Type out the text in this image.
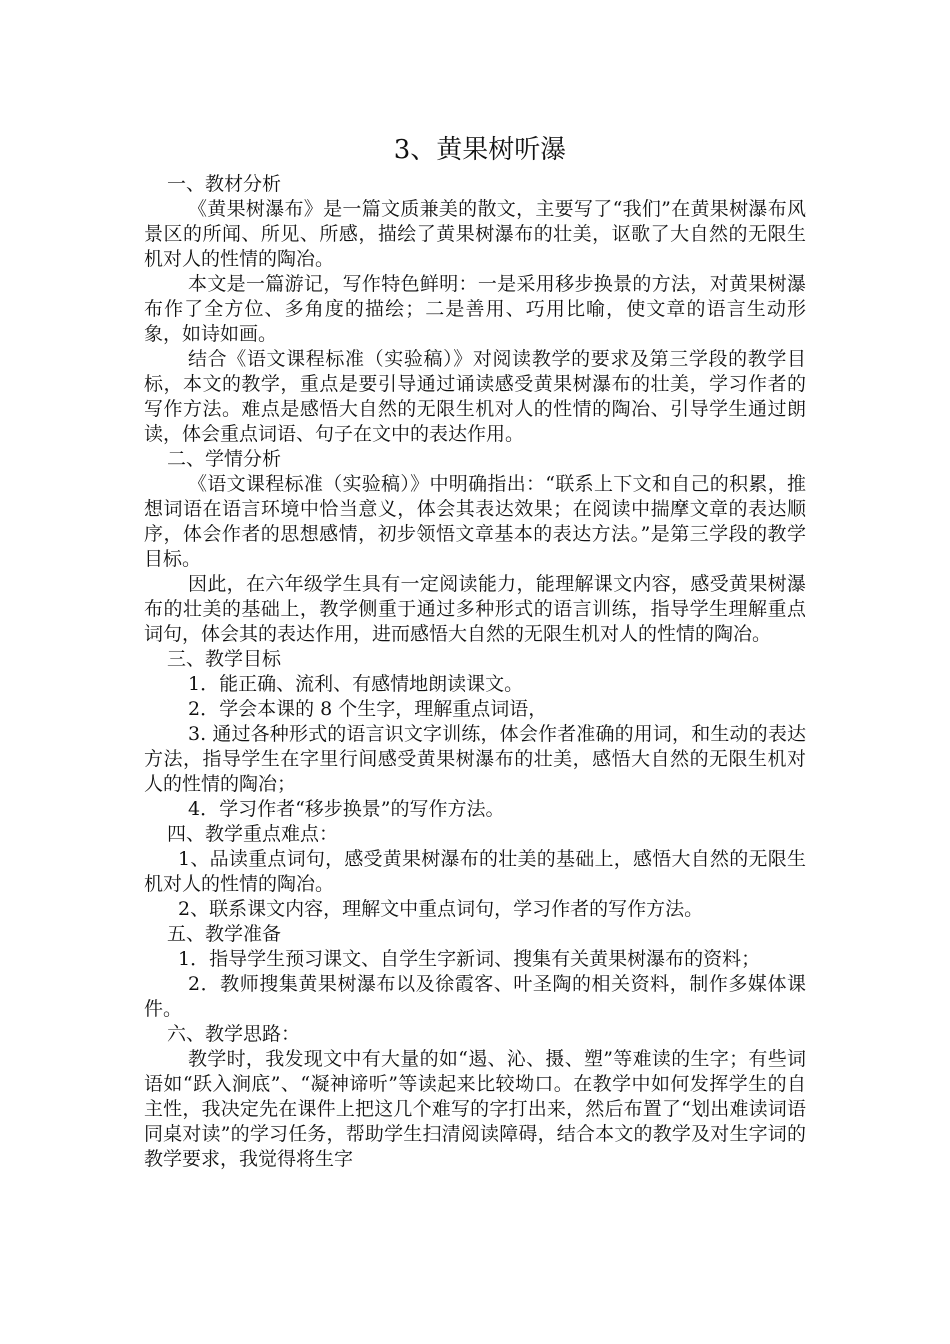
3、黄果树听瀑

一、教材分析

《黄果树瀑布》是一篇文质兼美的散文，主要写了“我们”在黄果树瀑布风景区的所闻、所见、所感，描绘了黄果树瀑布的壮美，讴歌了大自然的无限生机对人的性情的陶冶。

本文是一篇游记，写作特色鲜明：一是采用移步换景的方法，对黄果树瀑布作了全方位、多角度的描绘；二是善用、巧用比喻，使文章的语言生动形象，如诗如画。

结合《语文课程标准（实验稿）》对阅读教学的要求及第三学段的教学目标，本文的教学，重点是要引导通过诵读感受黄果树瀑布的壮美，学习作者的写作方法。难点是感悟大自然的无限生机对人的性情的陶冶、引导学生通过朗读，体会重点词语、句子在文中的表达作用。

二、学情分析

《语文课程标准（实验稿）》中明确指出：“联系上下文和自己的积累，推想词语在语言环境中恰当意义，体会其表达效果；在阅读中揣摩文章的表达顺序，体会作者的思想感情，初步领悟文章基本的表达方法。”是第三学段的教学目标。

因此，在六年级学生具有一定阅读能力，能理解课文内容，感受黄果树瀑布的壮美的基础上，教学侧重于通过多种形式的语言训练，指导学生理解重点词句，体会其的表达作用，进而感悟大自然的无限生机对人的性情的陶冶。

三、教学目标

1．能正确、流利、有感情地朗读课文。

2．学会本课的 8 个生字，理解重点词语，

3. 通过各种形式的语言识文字训练，体会作者准确的用词，和生动的表达方法，指导学生在字里行间感受黄果树瀑布的壮美，感悟大自然的无限生机对人的性情的陶冶；

4．学习作者“移步换景”的写作方法。

四、教学重点难点：

1、品读重点词句，感受黄果树瀑布的壮美的基础上，感悟大自然的无限生机对人的性情的陶冶。

2、联系课文内容，理解文中重点词句，学习作者的写作方法。

五、教学准备

1．指导学生预习课文、自学生字新词、搜集有关黄果树瀑布的资料；

2．教师搜集黄果树瀑布以及徐霞客、叶圣陶的相关资料，制作多媒体课件。

六、教学思路：

教学时，我发现文中有大量的如“遏、沁、摄、塑”等难读的生字；有些词语如“跃入涧底”、“凝神谛听”等读起来比较坳口。在教学中如何发挥学生的自主性，我决定先在课件上把这几个难写的字打出来，然后布置了“划出难读词语同桌对读”的学习任务，帮助学生扫清阅读障碍，结合本文的教学及对生字词的教学要求，我觉得将生字
